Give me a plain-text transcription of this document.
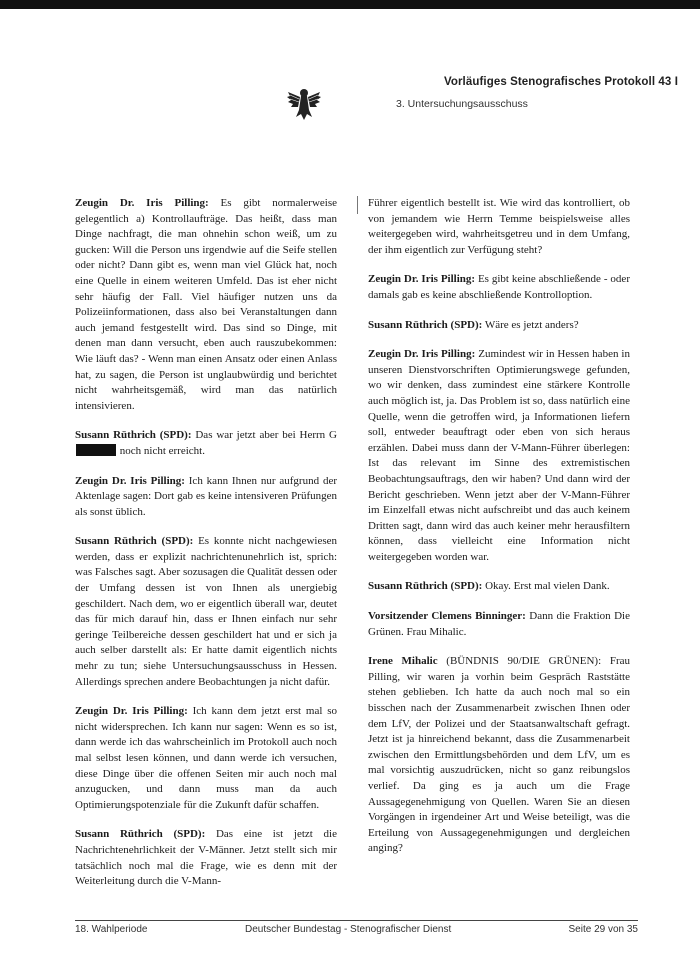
Vorläufiges Stenografisches Protokoll 43 I
3. Untersuchungsausschuss

Zeugin Dr. Iris Pilling: Es gibt normalerweise gelegentlich a) Kontrollaufträge. Das heißt, dass man Dinge nachfragt, die man ohnehin schon weiß, um zu gucken: Will die Person uns irgendwie auf die Seife stellen oder nicht? Dann gibt es, wenn man viel Glück hat, noch eine Quelle in einem weiteren Umfeld. Das ist eher nicht sehr häufig der Fall. Viel häufiger nutzen uns da Polizeiinformationen, dass also bei Veranstaltungen dann auch jemand festgestellt wird. Das sind so Dinge, mit denen man dann versucht, eben auch rauszubekommen: Wie läuft das? - Wenn man einen Ansatz oder einen Anlass hat, zu sagen, die Person ist unglaubwürdig und berichtet nicht wahrheitsgemäß, wird man das natürlich intensivieren.

Susann Rüthrich (SPD): Das war jetzt aber bei Herrn G noch nicht erreicht.

Zeugin Dr. Iris Pilling: Ich kann Ihnen nur aufgrund der Aktenlage sagen: Dort gab es keine intensiveren Prüfungen als sonst üblich.

Susann Rüthrich (SPD): Es konnte nicht nachgewiesen werden, dass er explizit nachrichtenunehrlich ist, sprich: was Falsches sagt. Aber sozusagen die Qualität dessen oder der Umfang dessen ist von Ihnen als unergiebig geschildert. Nach dem, wo er eigentlich überall war, deutet das für mich darauf hin, dass er Ihnen einfach nur sehr geringe Teilbereiche dessen geschildert hat und er sich ja auch selber darstellt als: Er hatte damit eigentlich nichts mehr zu tun; siehe Untersuchungsausschuss in Hessen. Allerdings sprechen andere Beobachtungen ja nicht dafür.

Zeugin Dr. Iris Pilling: Ich kann dem jetzt erst mal so nicht widersprechen. Ich kann nur sagen: Wenn es so ist, dann werde ich das wahrscheinlich im Protokoll auch noch mal selbst lesen können, und dann werde ich versuchen, diese Dinge über die offenen Seiten mir auch noch mal anzugucken, und dann muss man da auch Optimierungspotenziale für die Zukunft dafür schaffen.

Susann Rüthrich (SPD): Das eine ist jetzt die Nachrichtenehrlichkeit der V-Männer. Jetzt stellt sich mir tatsächlich noch mal die Frage, wie es denn mit der Weiterleitung durch die V-Mann-

Führer eigentlich bestellt ist. Wie wird das kontrolliert, ob von jemandem wie Herrn Temme beispielsweise alles weitergegeben wird, wahrheitsgetreu und in dem Umfang, der ihm eigentlich zur Verfügung steht?

Zeugin Dr. Iris Pilling: Es gibt keine abschließende - oder damals gab es keine abschließende Kontrolloption.

Susann Rüthrich (SPD): Wäre es jetzt anders?

Zeugin Dr. Iris Pilling: Zumindest wir in Hessen haben in unseren Dienstvorschriften Optimierungswege gefunden, wo wir denken, dass zumindest eine stärkere Kontrolle auch möglich ist, ja. Das Problem ist so, dass natürlich eine Quelle, wenn die getroffen wird, ja Informationen liefern soll, entweder beauftragt oder eben von sich heraus erzählen. Dabei muss dann der V-Mann-Führer überlegen: Ist das relevant im Sinne des extremistischen Beobachtungsauftrags, den wir haben? Und dann wird der Bericht geschrieben. Wenn jetzt aber der V-Mann-Führer im Einzelfall etwas nicht aufschreibt und das auch keinem Dritten sagt, dann wird das auch keiner mehr herausfiltern können, dass vielleicht eine Information nicht weitergegeben worden war.

Susann Rüthrich (SPD): Okay. Erst mal vielen Dank.

Vorsitzender Clemens Binninger: Dann die Fraktion Die Grünen. Frau Mihalic.

Irene Mihalic (BÜNDNIS 90/DIE GRÜNEN): Frau Pilling, wir waren ja vorhin beim Gespräch Raststätte stehen geblieben. Ich hatte da auch noch mal so ein bisschen nach der Zusammenarbeit zwischen Ihnen oder dem LfV, der Polizei und der Staatsanwaltschaft gefragt. Jetzt ist ja hinreichend bekannt, dass die Zusammenarbeit zwischen den Ermittlungsbehörden und dem LfV, um es mal vorsichtig auszudrücken, nicht so ganz reibungslos verlief. Da ging es ja auch um die Frage Aussagegenehmigung von Quellen. Waren Sie an diesen Vorgängen in irgendeiner Art und Weise beteiligt, was die Erteilung von Aussagegenehmigungen und dergleichen anging?

18. Wahlperiode	Deutscher Bundestag - Stenografischer Dienst	Seite 29 von 35
